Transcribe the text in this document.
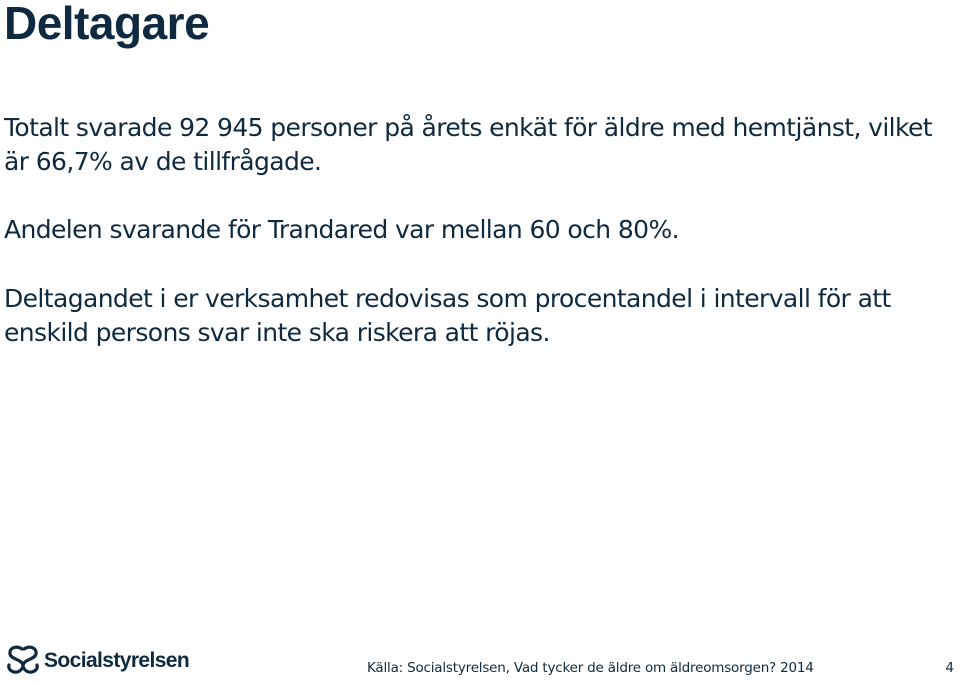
Deltagare

Totalt svarade 92 945 personer på årets enkät för äldre med hemtjänst, vilket är 66,7% av de tillfrågade.

Andelen svarande för Trandared var mellan 60 och 80%.

Deltagandet i er verksamhet redovisas som procentandel i intervall för att enskild persons svar inte ska riskera att röjas.

Socialstyrelsen	Källa: Socialstyrelsen, Vad tycker de äldre om äldreomsorgen? 2014	4
